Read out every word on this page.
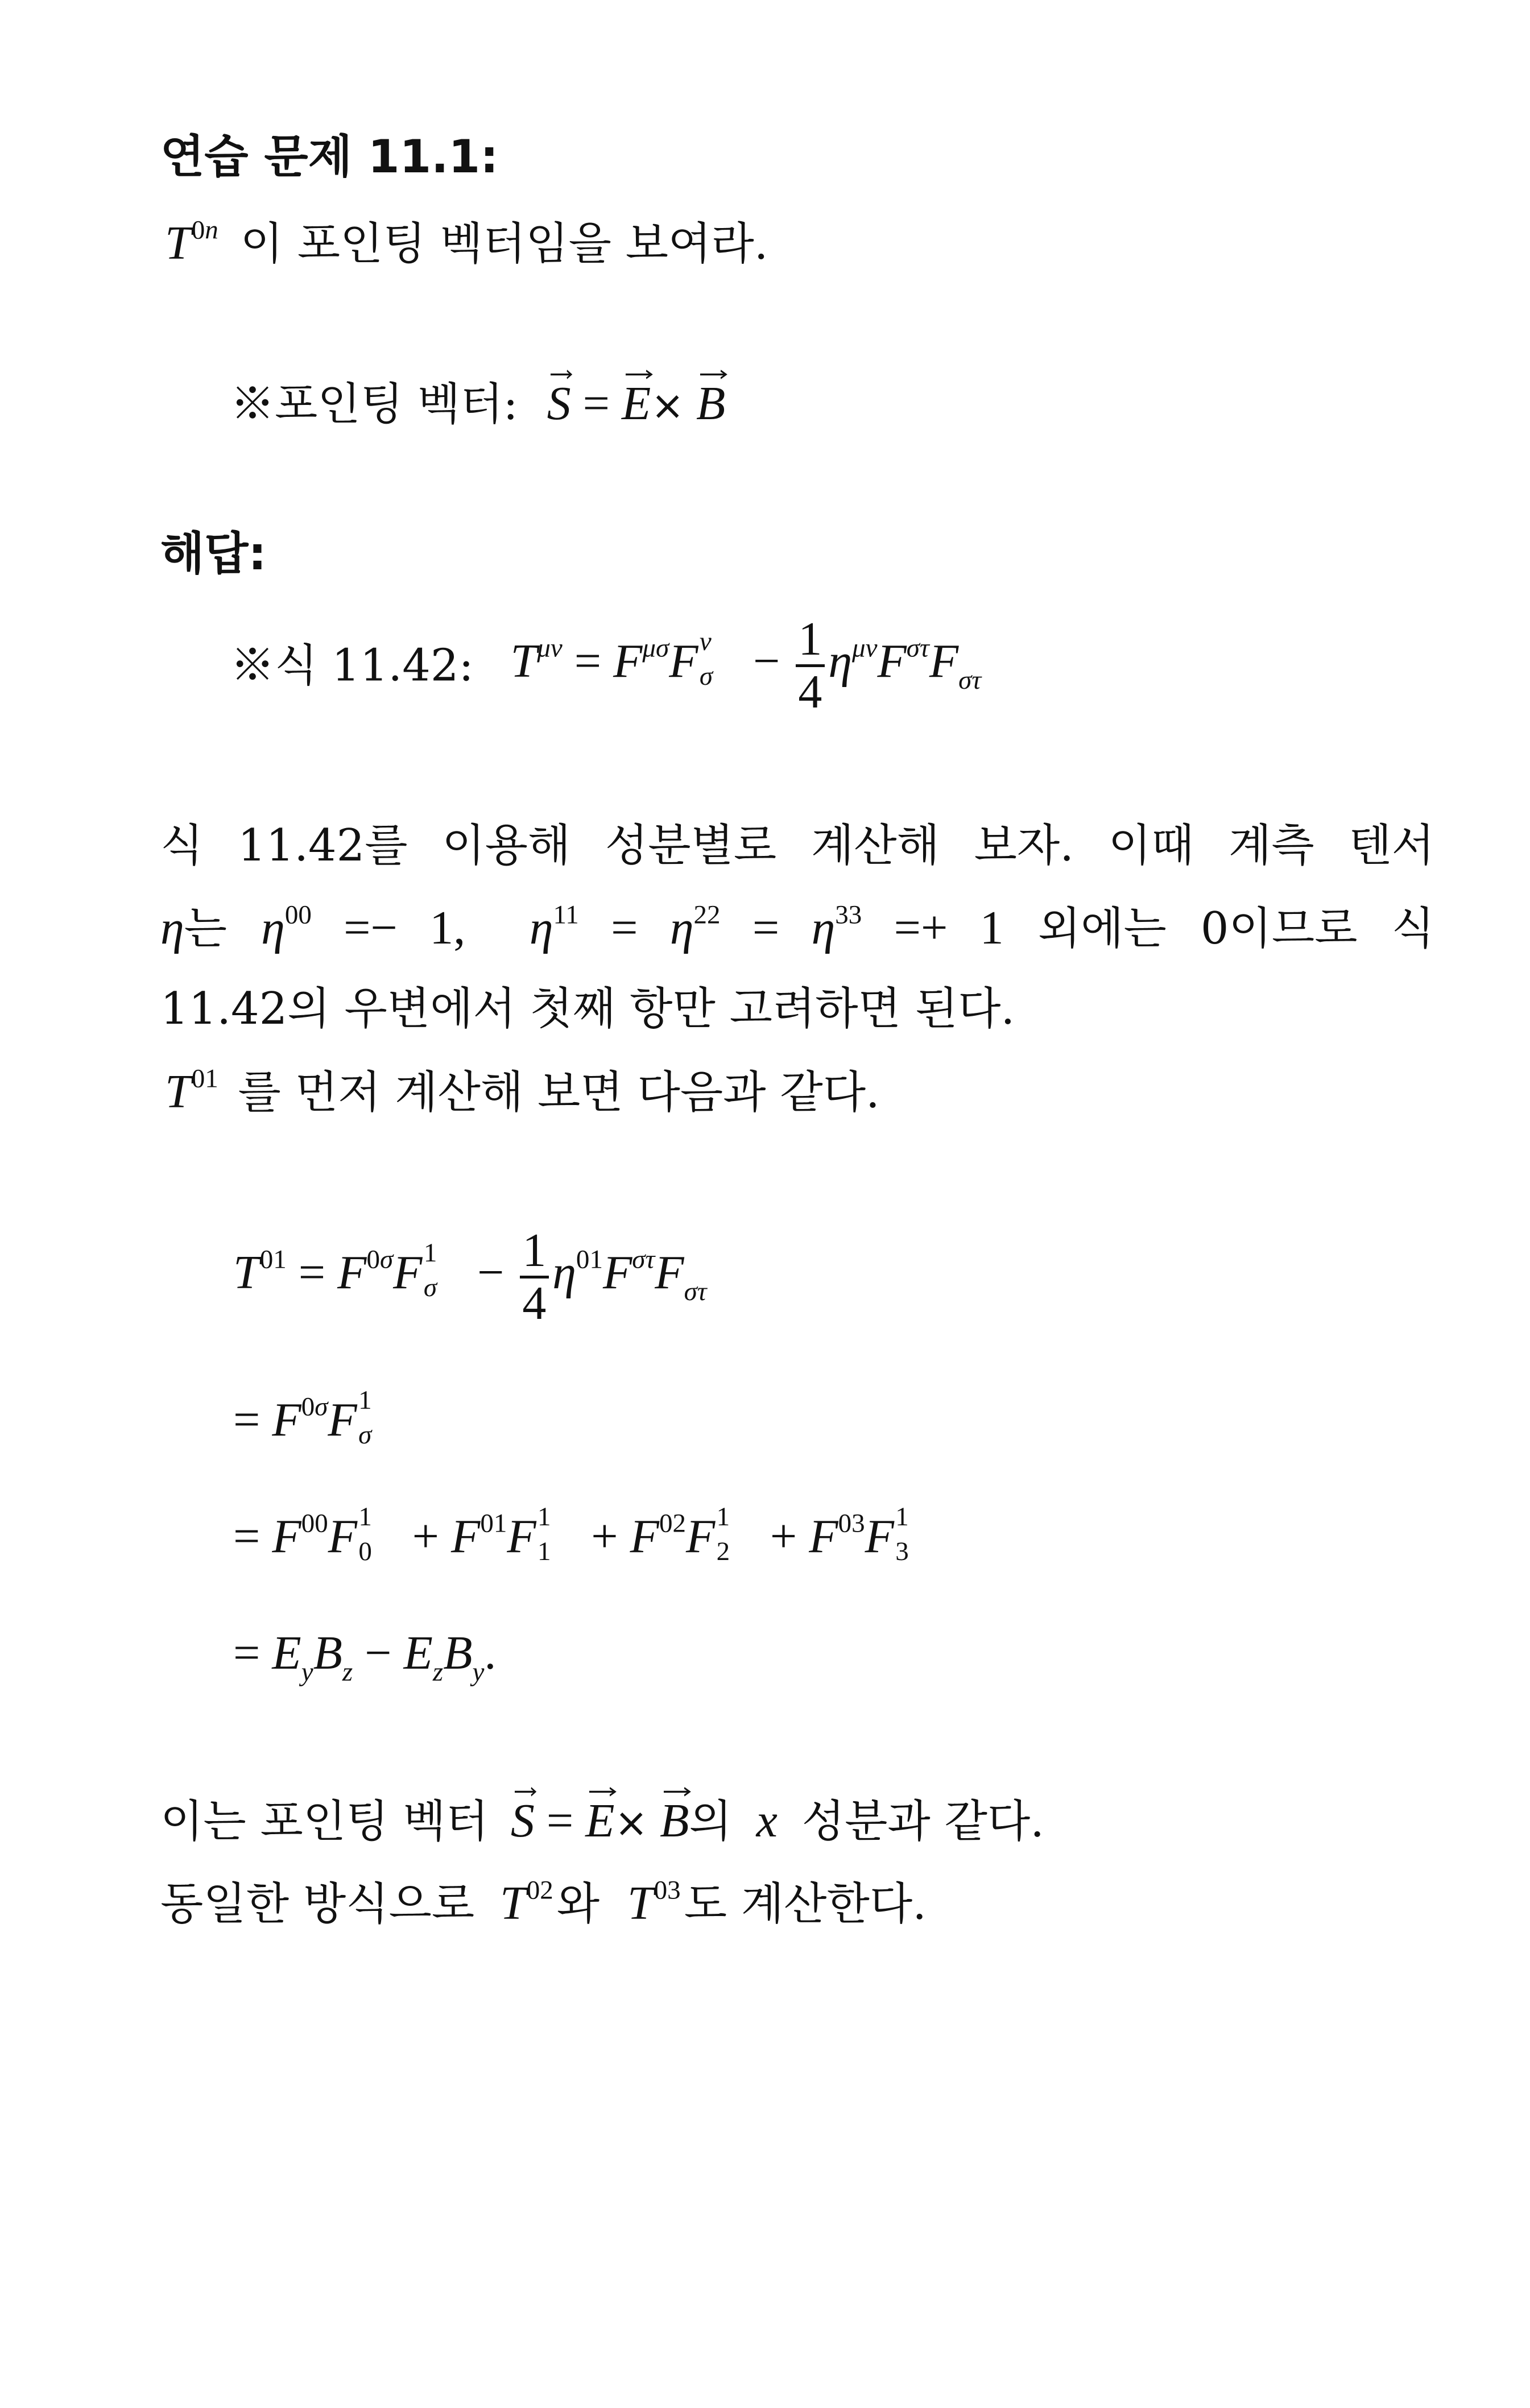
연습 문제 11.1:
$T^{0n}$ 이 포인팅 벡터임을 보여라.
※포인팅 벡터: S
= E
× B
해답:
※식 11.42: $T^{\mu\nu} = F^{\mu\sigma}F$ ν
σ − 1
4
$\eta^{\mu\nu}F^{\sigma\tau}F_{\sigma\tau}$
식 11.42를 이용해 성분별로 계산해 보자. 이때 계측 텐서
η는 $\eta^{00} =- 1$,  $\eta^{11} = \eta^{22} = \eta^{33} =+ 1$ 외에는 0이므로 식
11.42의 우변에서 첫째 항만 고려하면 된다.
$T^{01}$ 를 먼저 계산해 보면 다음과 같다.
$T^{01} = F^{0\sigma}F$ 1
σ − 1
4
$\eta^{01}F^{\sigma\tau}F_{\sigma\tau}$
= $F^{0\sigma}F$ 1
σ
= $F^{00}F$ 1
$0 + F^{01}F$ 1
$1 + F^{02}F$ 1
$2 + F^{03}F$ 1
3
= $E_yB_z - E_zB_y$.
이는 포인팅 벡터 S
= E
× B
의 x 성분과 같다.
동일한 방식으로 $T^{02}$와 $T^{03}$도 계산한다.
